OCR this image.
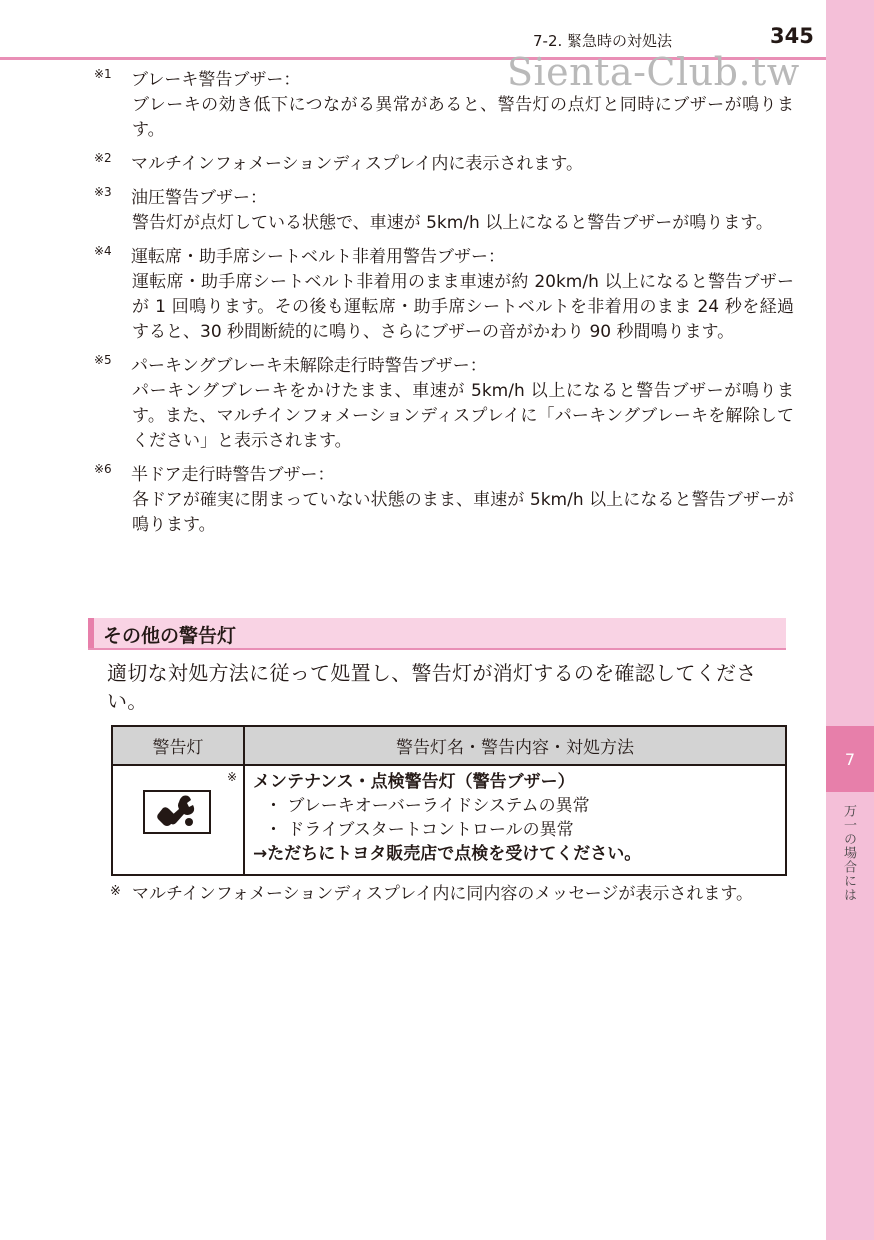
7-2. 緊急時の対処法	345
Sienta-Club.tw
7
万一の場合には
※1 ブレーキ警告ブザー：
ブレーキの効き低下につながる異常があると、警告灯の点灯と同時にブザーが鳴ります。
※2 マルチインフォメーションディスプレイ内に表示されます。
※3 油圧警告ブザー：
警告灯が点灯している状態で、車速が 5km/h 以上になると警告ブザーが鳴ります。
※4 運転席・助手席シートベルト非着用警告ブザー：
運転席・助手席シートベルト非着用のまま車速が約 20km/h 以上になると警告ブザーが 1 回鳴ります。その後も運転席・助手席シートベルトを非着用のまま 24 秒を経過すると、30 秒間断続的に鳴り、さらにブザーの音がかわり 90 秒間鳴ります。
※5 パーキングブレーキ未解除走行時警告ブザー：
パーキングブレーキをかけたまま、車速が 5km/h 以上になると警告ブザーが鳴ります。また、マルチインフォメーションディスプレイに「パーキングブレーキを解除してください」と表示されます。
※6 半ドア走行時警告ブザー：
各ドアが確実に閉まっていない状態のまま、車速が 5km/h 以上になると警告ブザーが鳴ります。
その他の警告灯
適切な対処方法に従って処置し、警告灯が消灯するのを確認してください。
警告灯	警告灯名・警告内容・対処方法

※	メンテナンス・点検警告灯（警告ブザー）
・ ブレーキオーバーライドシステムの異常
・ ドライブスタートコントロールの異常
→ただちにトヨタ販売店で点検を受けてください。
※ マルチインフォメーションディスプレイ内に同内容のメッセージが表示されます。
